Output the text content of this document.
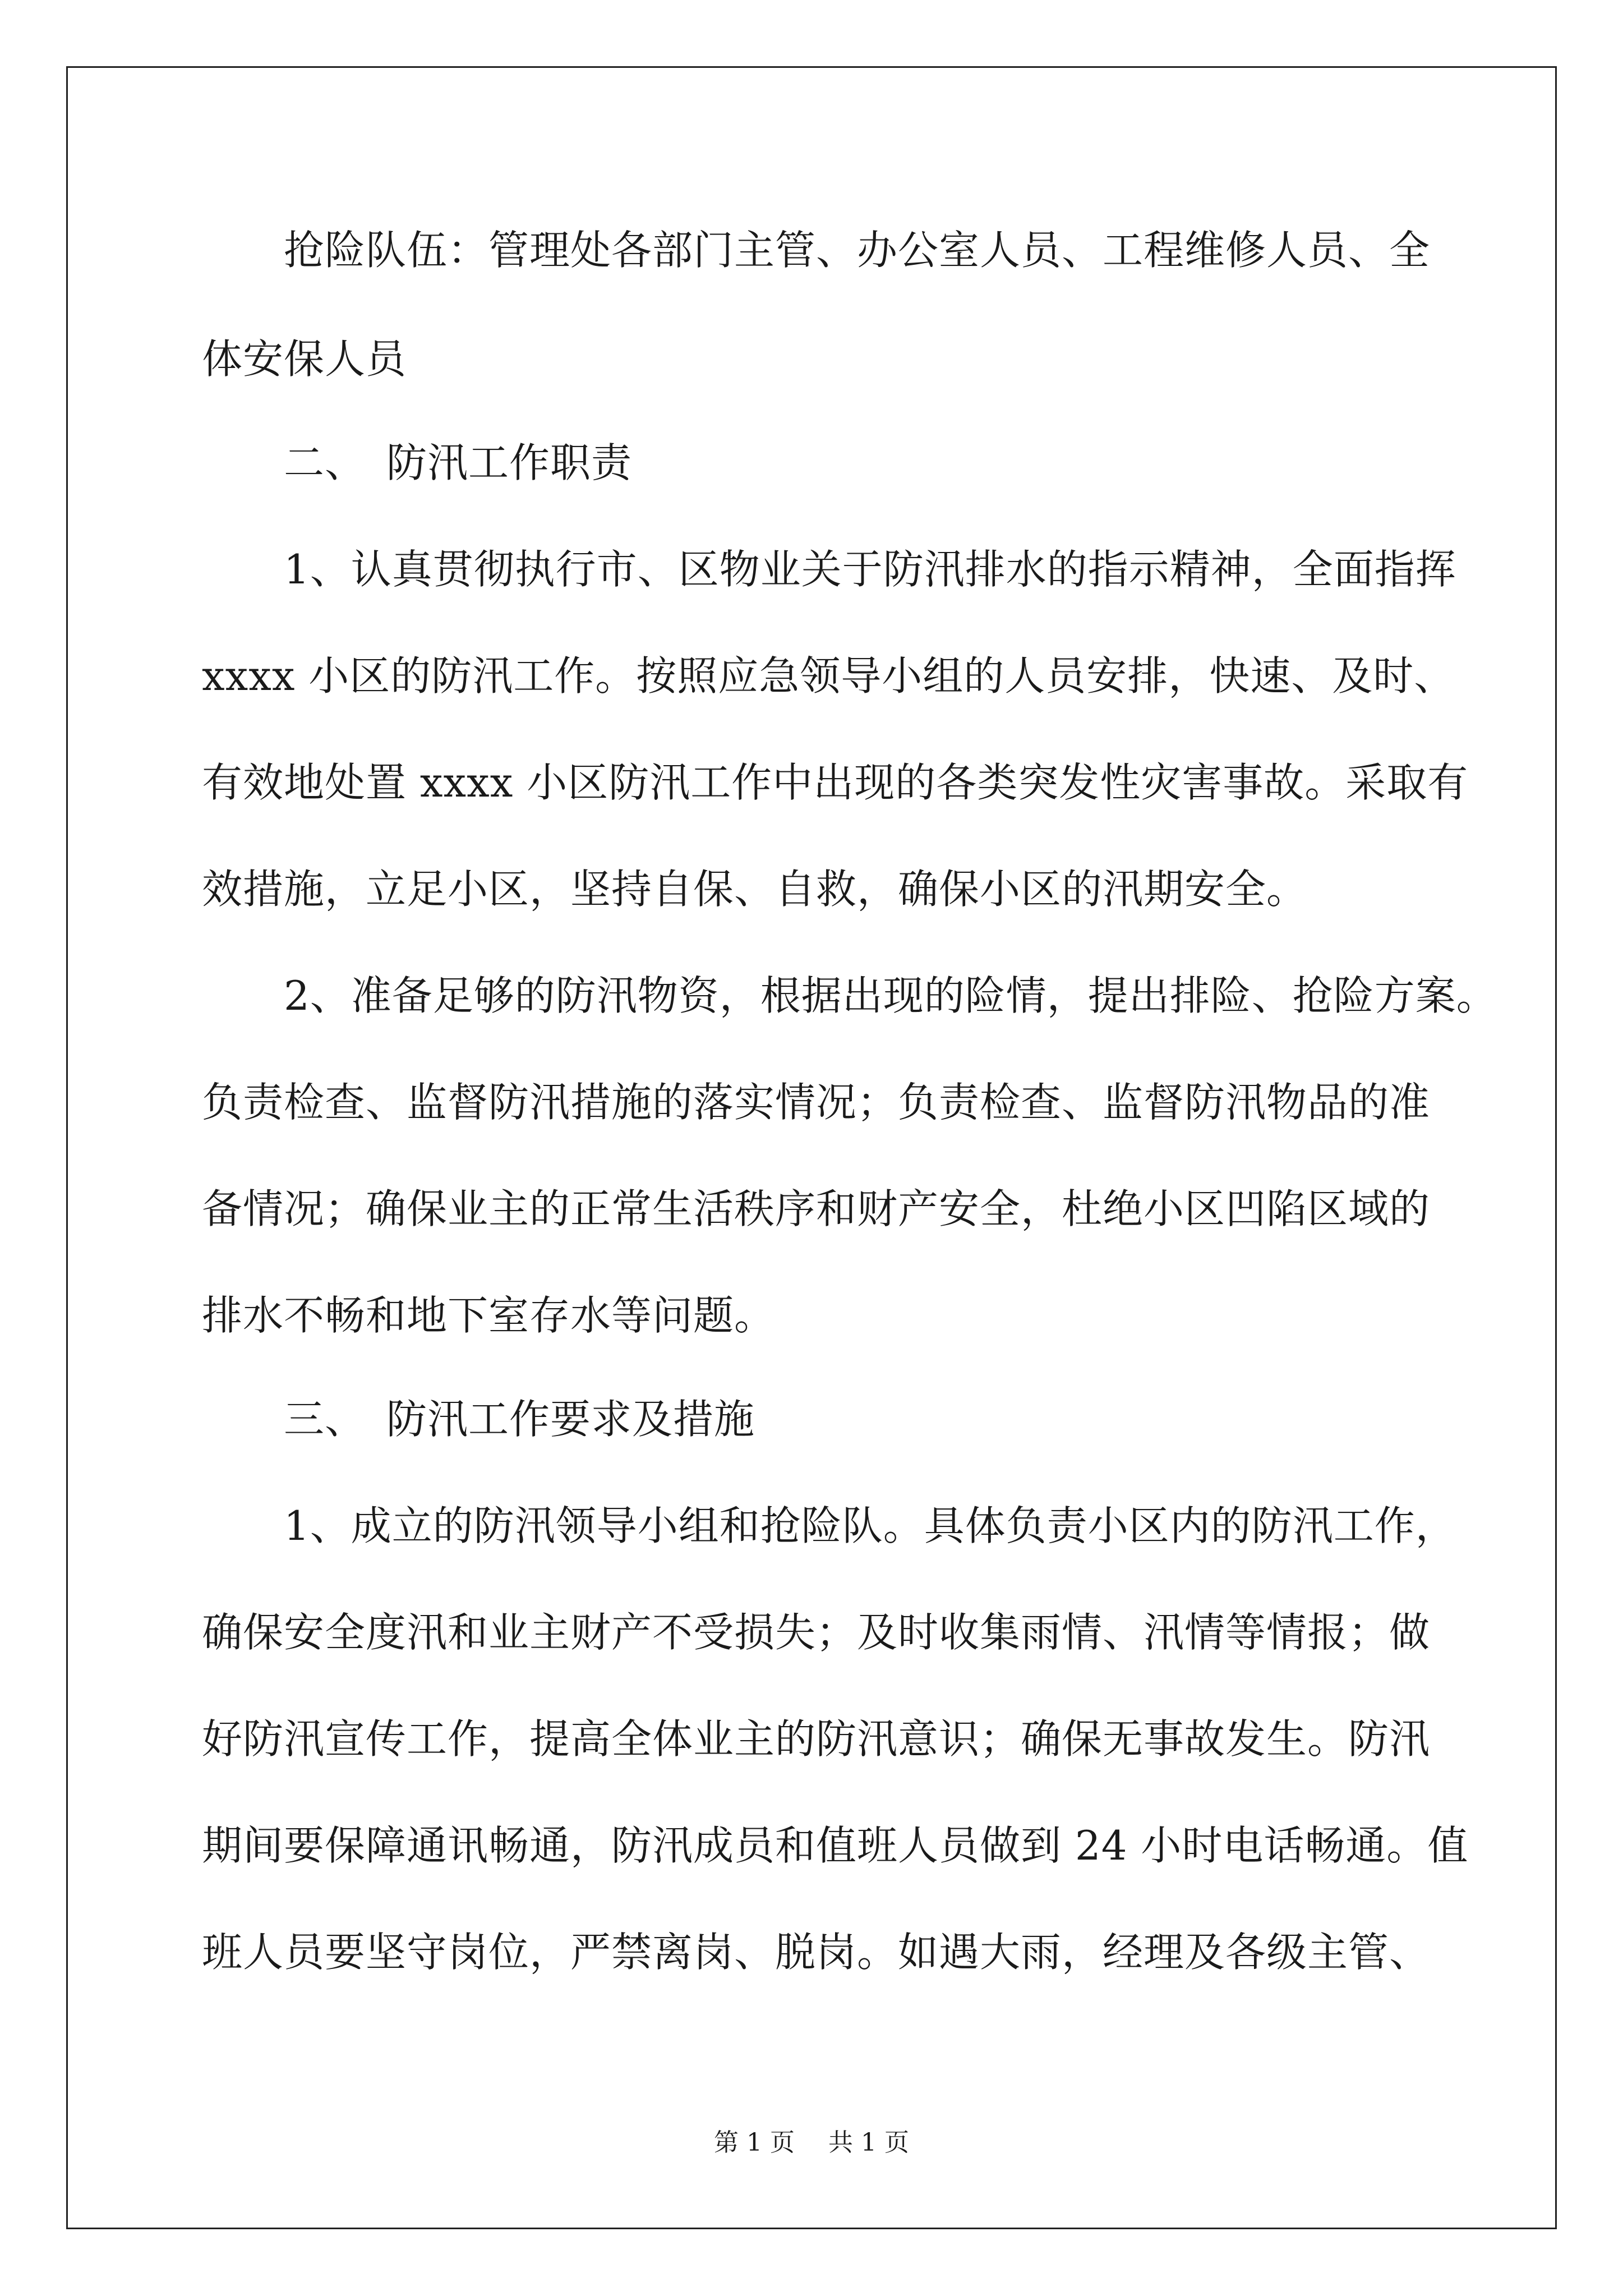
　　抢险队伍：管理处各部门主管、办公室人员、工程维修人员、全
体安保人员
　　二、　防汛工作职责
　　1、认真贯彻执行市、区物业关于防汛排水的指示精神，全面指挥
xxxx 小区的防汛工作。按照应急领导小组的人员安排，快速、及时、
有效地处置 xxxx 小区防汛工作中出现的各类突发性灾害事故。采取有
效措施，立足小区，坚持自保、自救，确保小区的汛期安全。
　　2、准备足够的防汛物资，根据出现的险情，提出排险、抢险方案。
负责检查、监督防汛措施的落实情况；负责检查、监督防汛物品的准
备情况；确保业主的正常生活秩序和财产安全，杜绝小区凹陷区域的
排水不畅和地下室存水等问题。
　　三、　防汛工作要求及措施
　　1、成立的防汛领导小组和抢险队。具体负责小区内的防汛工作，
确保安全度汛和业主财产不受损失；及时收集雨情、汛情等情报；做
好防汛宣传工作，提高全体业主的防汛意识；确保无事故发生。防汛
期间要保障通讯畅通，防汛成员和值班人员做到 24 小时电话畅通。值
班人员要坚守岗位，严禁离岗、脱岗。如遇大雨，经理及各级主管、
第 1 页 共 1 页
